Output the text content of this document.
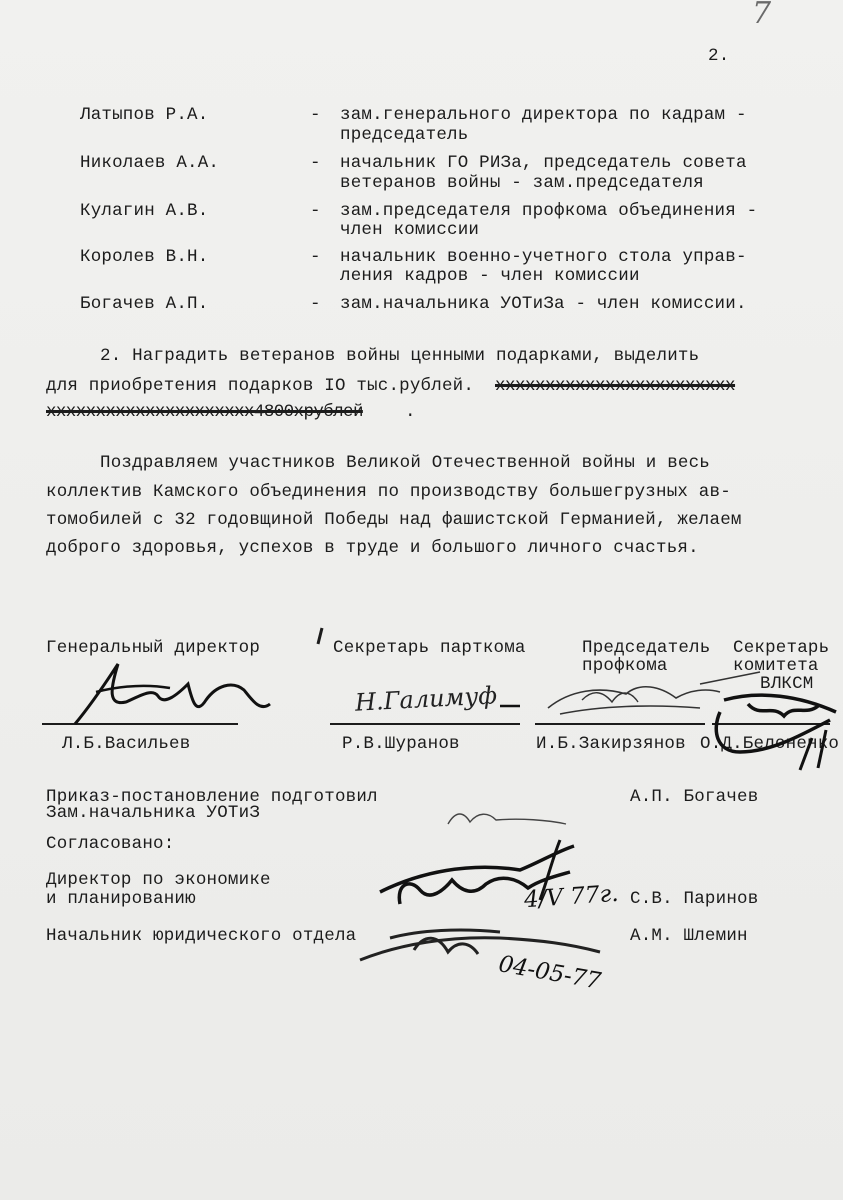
7
2.
Латыпов Р.А.	- зам.генерального директора по кадрам -
председатель
Николаев А.А.	- начальник ГО РИЗа, председатель совета
ветеранов войны - зам.председателя
Кулагин А.В.	- зам.председателя профкома объединения -
член комиссии
Королев В.Н.	- начальник военно-учетного стола управ-
ления кадров - член комиссии
Богачев А.П.	- зам.начальника УОТиЗа - член комиссии.
2. Наградить ветеранов войны ценными подарками, выделить
для приобретения подарков IO тыс.рублей. хххххххххххххххххххххххх
ххххххххххххххххххххх4800хрублей .
Поздравляем участников Великой Отечественной войны и весь
коллектив Камского объединения по производству большегрузных ав-
томобилей с 32 годовщиной Победы над фашистской Германией, желаем
доброго здоровья, успехов в труде и большого личного счастья.
Генеральный директор	Секретарь парткома	Председатель
профкома
Секретарь
комитета
ВЛКСМ
Л.Б.Васильев	Р.В.Шуранов	И.Б.Закирзянов О.Д.Белоненко
Н.Галимуф
Приказ-постановление подготовил
Зам.начальника УОТиЗ
А.П. Богачев
Согласовано:
Директор по экономике
и планированию	С.В. Паринов
4/V 77г.
Начальник юридического отдела	А.М. Шлемин
04-05-77
